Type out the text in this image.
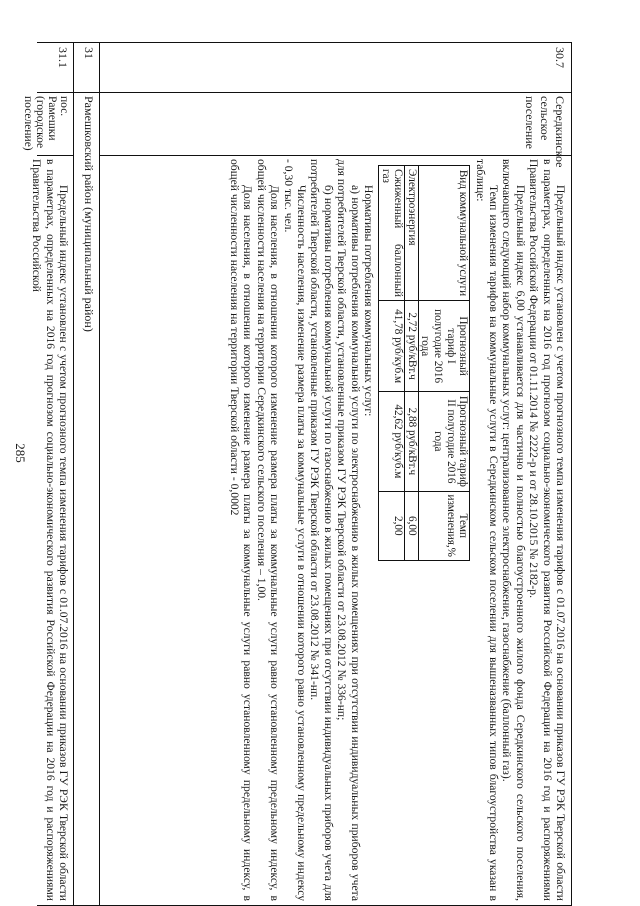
285
30.7
Середкинское
сельское
поселение

Предельный индекс установлен с учетом прогнозного темпа изменения тарифов с 01.07.2016 на основании приказов ГУ РЭК Тверской области в параметрах, определенных на 2016 год прогнозом социально-экономического развития Российской Федерации на 2016 год и распоряжениями Правительства Российской Федерации от 01.11.2014 № 2222-р и от 28.10.2015 № 2182-р.

Предельный индекс 6,00 устанавливается для частично и полностью благоустроенного жилого фонда Середкинского сельского поселения, включающего следующий набор коммунальных услуг: централизованное электроснабжение, газоснабжение (баллонный газ).

Темп изменения тарифов на коммунальные услуги в Середкинском сельском поселении для вышеназванных типов благоустройства указан в таблице:

Вид коммунальной услуги	Прогнозный тариф I полугодие 2016 года	Прогнозный тариф II полугодие 2016 года	Темп изменения,%
Электроэнергия	2,72 руб/кВт.ч	2,88 руб/кВт.ч	6,00
Сжиженный баллонный газ	41,78 руб/куб.м	42,62 руб/куб.м	2,00

Нормативы потребления коммунальных услуг:

а) нормативы потребления коммунальной услуги по электроснабжению в жилых помещениях при отсутствии индивидуальных приборов учета для потребителей Тверской области, установленные приказом ГУ РЭК Тверской области от 23.08.2012 № 336-нп;

б) нормативы потребления коммунальной услуги по газоснабжению в жилых помещениях при отсутствии индивидуальных приборов учета для потребителей Тверской области, установленные приказом ГУ РЭК Тверской области от 23.08.2012 № 341-нп.

Численность населения, изменение размера платы за коммунальные услуги в отношении которого равно установленному предельному индексу - 0,30 тыс. чел.

Доля населения, в отношении которого изменение размера платы за коммунальные услуги равно установленному предельному индексу, в общей численности населения на территории Середкинского сельского поселения – 1,00.

Доля населения, в отношении которого изменение размера платы за коммунальные услуги равно установленному предельному индексу, в общей численности населения на территории Тверской области - 0,0002

31
Рамешковский район (муниципальный район)
31.1
пос. Рамешки
(городское
поселение)

Предельный индекс установлен с учетом прогнозного темпа изменения тарифов с 01.07.2016 на основании приказов ГУ РЭК Тверской области в параметрах, определенных на 2016 год прогнозом социально-экономического развития Российской Федерации на 2016 год и распоряжениями Правительства Российской
